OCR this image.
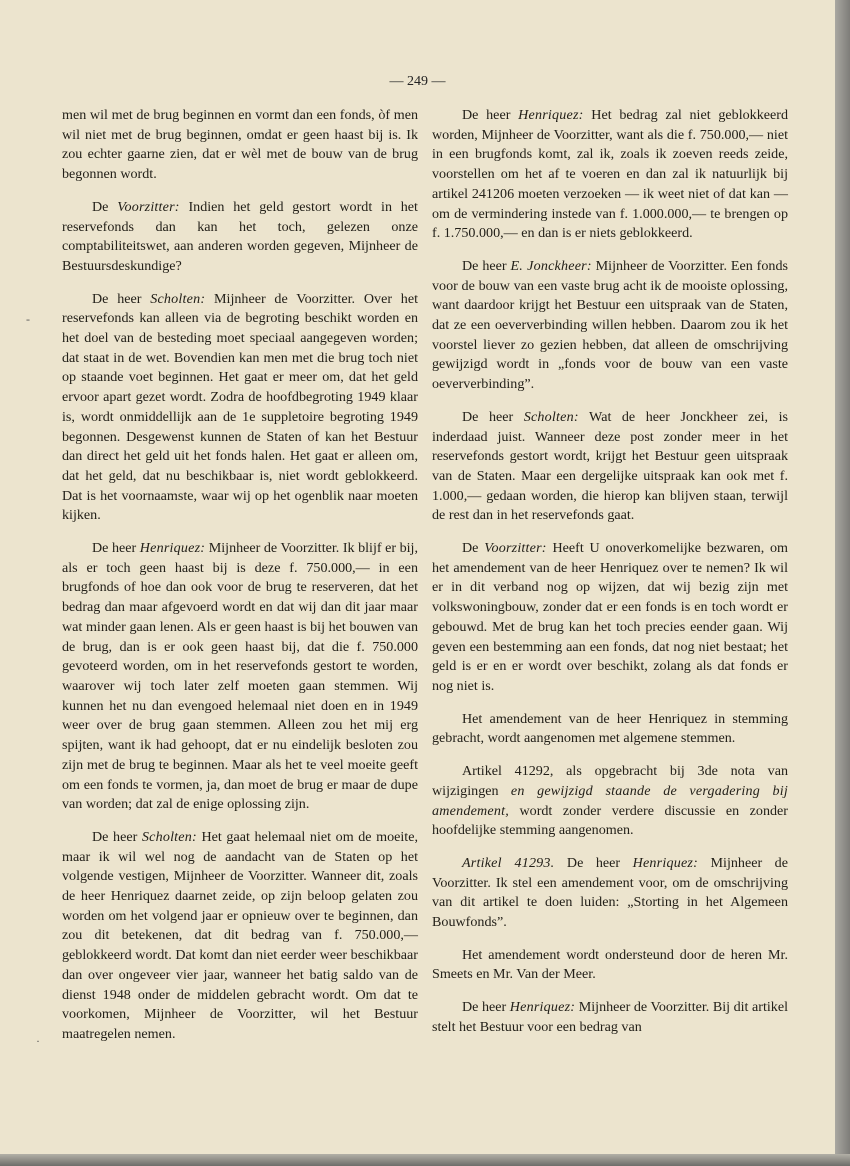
— 249 —

men wil met de brug beginnen en vormt dan een fonds, òf men wil niet met de brug beginnen, omdat er geen haast bij is. Ik zou echter gaarne zien, dat er wèl met de bouw van de brug begonnen wordt.

De Voorzitter: Indien het geld gestort wordt in het reservefonds dan kan het toch, gelezen onze comptabiliteitswet, aan anderen worden gegeven, Mijnheer de Bestuursdeskundige?

De heer Scholten: Mijnheer de Voorzitter. Over het reservefonds kan alleen via de begroting beschikt worden en het doel van de besteding moet speciaal aangegeven worden; dat staat in de wet. Bovendien kan men met die brug toch niet op staande voet beginnen. Het gaat er meer om, dat het geld ervoor apart gezet wordt. Zodra de hoofdbegroting 1949 klaar is, wordt onmiddellijk aan de 1e suppletoire begroting 1949 begonnen. Desgewenst kunnen de Staten of kan het Bestuur dan direct het geld uit het fonds halen. Het gaat er alleen om, dat het geld, dat nu beschikbaar is, niet wordt geblokkeerd. Dat is het voornaamste, waar wij op het ogenblik naar moeten kijken.

De heer Henriquez: Mijnheer de Voorzitter. Ik blijf er bij, als er toch geen haast bij is deze f. 750.000,— in een brugfonds of hoe dan ook voor de brug te reserveren, dat het bedrag dan maar afgevoerd wordt en dat wij dan dit jaar maar wat minder gaan lenen. Als er geen haast is bij het bouwen van de brug, dan is er ook geen haast bij, dat die f. 750.000 gevoteerd worden, om in het reservefonds gestort te worden, waarover wij toch later zelf moeten gaan stemmen. Wij kunnen het nu dan evengoed helemaal niet doen en in 1949 weer over de brug gaan stemmen. Alleen zou het mij erg spijten, want ik had gehoopt, dat er nu eindelijk besloten zou zijn met de brug te beginnen. Maar als het te veel moeite geeft om een fonds te vormen, ja, dan moet de brug er maar de dupe van worden; dat zal de enige oplossing zijn.

De heer Scholten: Het gaat helemaal niet om de moeite, maar ik wil wel nog de aandacht van de Staten op het volgende vestigen, Mijnheer de Voorzitter. Wanneer dit, zoals de heer Henriquez daarnet zeide, op zijn beloop gelaten zou worden om het volgend jaar er opnieuw over te beginnen, dan zou dit betekenen, dat dit bedrag van f. 750.000,— geblokkeerd wordt. Dat komt dan niet eerder weer beschikbaar dan over ongeveer vier jaar, wanneer het batig saldo van de dienst 1948 onder de middelen gebracht wordt. Om dat te voorkomen, Mijnheer de Voorzitter, wil het Bestuur maatregelen nemen.

De heer Henriquez: Het bedrag zal niet geblokkeerd worden, Mijnheer de Voorzitter, want als die f. 750.000,— niet in een brugfonds komt, zal ik, zoals ik zoeven reeds zeide, voorstellen om het af te voeren en dan zal ik natuurlijk bij artikel 241206 moeten verzoeken — ik weet niet of dat kan — om de vermindering instede van f. 1.000.000,— te brengen op f. 1.750.000,— en dan is er niets geblokkeerd.

De heer E. Jonckheer: Mijnheer de Voorzitter. Een fonds voor de bouw van een vaste brug acht ik de mooiste oplossing, want daardoor krijgt het Bestuur een uitspraak van de Staten, dat ze een oeververbinding willen hebben. Daarom zou ik het voorstel liever zo gezien hebben, dat alleen de omschrijving gewijzigd wordt in „fonds voor de bouw van een vaste oeververbinding”.

De heer Scholten: Wat de heer Jonckheer zei, is inderdaad juist. Wanneer deze post zonder meer in het reservefonds gestort wordt, krijgt het Bestuur geen uitspraak van de Staten. Maar een dergelijke uitspraak kan ook met f. 1.000,— gedaan worden, die hierop kan blijven staan, terwijl de rest dan in het reservefonds gaat.

De Voorzitter: Heeft U onoverkomelijke bezwaren, om het amendement van de heer Henriquez over te nemen? Ik wil er in dit verband nog op wijzen, dat wij bezig zijn met volkswoningbouw, zonder dat er een fonds is en toch wordt er gebouwd. Met de brug kan het toch precies eender gaan. Wij geven een bestemming aan een fonds, dat nog niet bestaat; het geld is er en er wordt over beschikt, zolang als dat fonds er nog niet is.

Het amendement van de heer Henriquez in stemming gebracht, wordt aangenomen met algemene stemmen.

Artikel 41292, als opgebracht bij 3de nota van wijzigingen en gewijzigd staande de vergadering bij amendement, wordt zonder verdere discussie en zonder hoofdelijke stemming aangenomen.

Artikel 41293. De heer Henriquez: Mijnheer de Voorzitter. Ik stel een amendement voor, om de omschrijving van dit artikel te doen luiden: „Storting in het Algemeen Bouwfonds”.

Het amendement wordt ondersteund door de heren Mr. Smeets en Mr. Van der Meer.

De heer Henriquez: Mijnheer de Voorzitter. Bij dit artikel stelt het Bestuur voor een bedrag van

-
·
